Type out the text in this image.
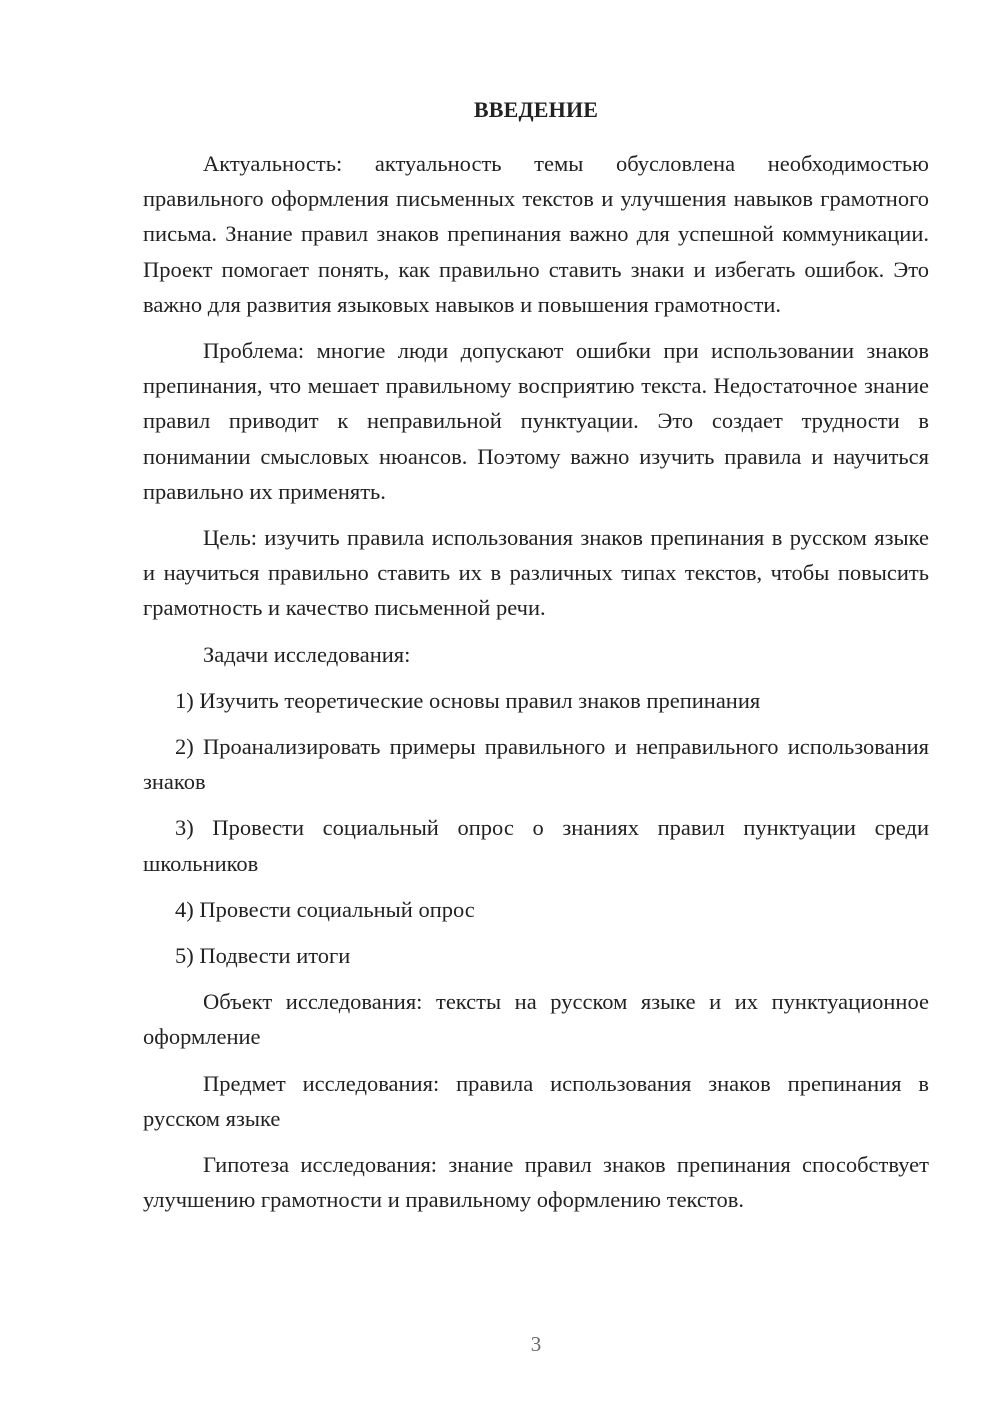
ВВЕДЕНИЕ

Актуальность: актуальность темы обусловлена необходимостью правильного оформления письменных текстов и улучшения навыков грамотного письма. Знание правил знаков препинания важно для успешной коммуникации. Проект помогает понять, как правильно ставить знаки и избегать ошибок. Это важно для развития языковых навыков и повышения грамотности.

Проблема: многие люди допускают ошибки при использовании знаков препинания, что мешает правильному восприятию текста. Недостаточное знание правил приводит к неправильной пунктуации. Это создает трудности в понимании смысловых нюансов. Поэтому важно изучить правила и научиться правильно их применять.

Цель: изучить правила использования знаков препинания в русском языке и научиться правильно ставить их в различных типах текстов, чтобы повысить грамотность и качество письменной речи.

Задачи исследования:

1) Изучить теоретические основы правил знаков препинания

2) Проанализировать примеры правильного и неправильного использования знаков

3) Провести социальный опрос о знаниях правил пунктуации среди школьников

4) Провести социальный опрос

5) Подвести итоги

Объект исследования: тексты на русском языке и их пунктуационное оформление

Предмет исследования: правила использования знаков препинания в русском языке

Гипотеза исследования: знание правил знаков препинания способствует улучшению грамотности и правильному оформлению текстов.

3
